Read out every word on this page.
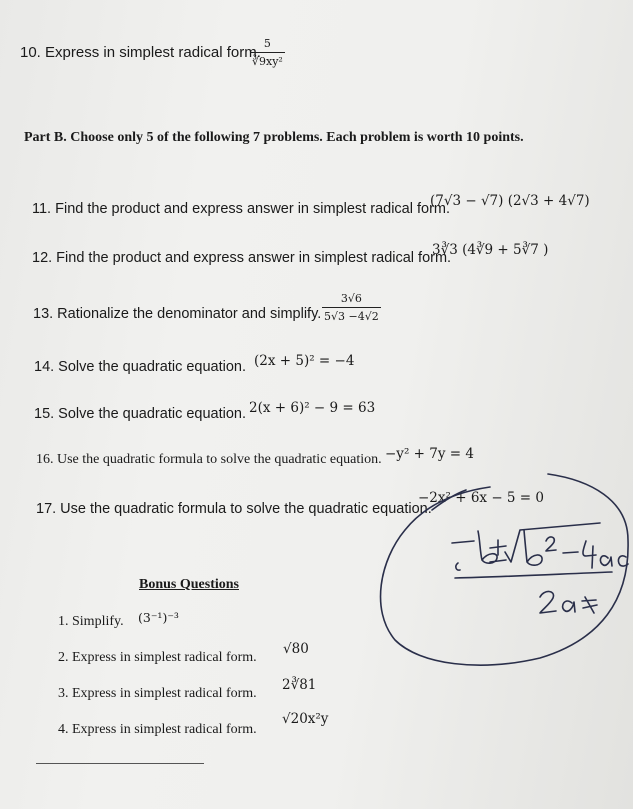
10. Express in simplest radical form.
$\frac{5}{\text{∛9xy²}}$
Part B. Choose only 5 of the following 7 problems. Each problem is worth 10 points.
11. Find the product and express answer in simplest radical form.
(7√3 − √7) (2√3 + 4√7)
12. Find the product and express answer in simplest radical form.
3∛3 (4∛9 + 5∛7 )
13. Rationalize the denominator and simplify. $\frac{3√6}{5√3 -4√2}$
14. Solve the quadratic equation. (2x + 5)² = −4
15. Solve the quadratic equation. 2(x + 6)² − 9 = 63
16. Use the quadratic formula to solve the quadratic equation. −y² + 7y = 4
17. Use the quadratic formula to solve the quadratic equation.
−2x² + 6x − 5 = 0
Bonus Questions
1. Simplify. (3⁻¹)⁻³
2. Express in simplest radical form.
√80
3. Express in simplest radical form.
2∛81
4. Express in simplest radical form.
√20x²y
